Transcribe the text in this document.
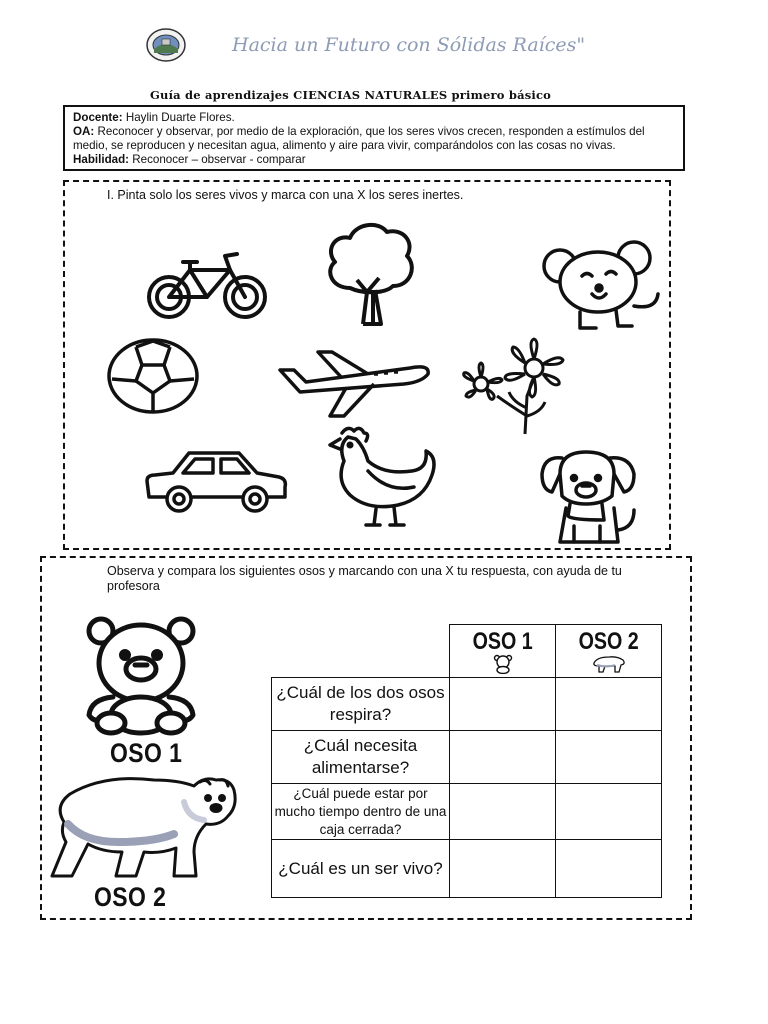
Hacia un Futuro con Sólidas Raíces"
Guía de aprendizajes CIENCIAS NATURALES primero básico
Docente: Haylin Duarte Flores.
OA: Reconocer y observar, por medio de la exploración, que los seres vivos crecen, responden a estímulos del medio, se reproducen y necesitan agua, alimento y aire para vivir, comparándolos con las cosas no vivas.
Habilidad: Reconocer – observar - comparar
I. Pinta solo los seres vivos y marca con una X los seres inertes.
Observa y compara los siguientes osos y marcando con una X tu respuesta, con ayuda de tu profesora
OSO 1
OSO 2

	OSO 1	OSO 2

¿Cuál de los dos osos respira?		
¿Cuál necesita alimentarse?		
¿Cuál puede estar por mucho tiempo dentro de una caja cerrada?		
¿Cuál es un ser vivo?		
